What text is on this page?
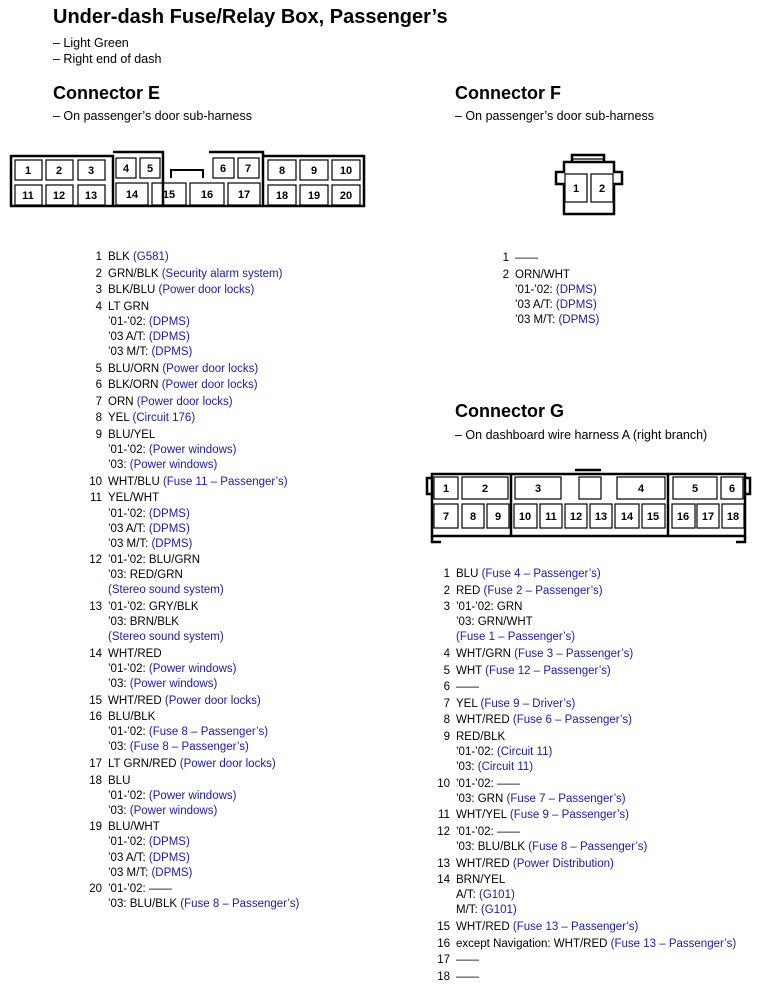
Under-dash Fuse/Relay Box, Passenger’s
– Light Green
– Right end of dash
Connector E
– On passenger’s door sub-harness
1 2 3	4 5	6 7	8 9 10
11 12 13	14 15 16 17 18 19 20
1 BLK (G581)
2 GRN/BLK (Security alarm system)
3 BLK/BLU (Power door locks)
4 LT GRN
’01-’02: (DPMS)
’03 A/T: (DPMS)
’03 M/T: (DPMS)
5 BLU/ORN (Power door locks)
6 BLK/ORN (Power door locks)
7 ORN (Power door locks)
8 YEL (Circuit 176)
9 BLU/YEL
’01-’02: (Power windows)
’03: (Power windows)
10 WHT/BLU (Fuse 11 – Passenger’s)
11 YEL/WHT
’01-’02: (DPMS)
’03 A/T: (DPMS)
’03 M/T: (DPMS)
12 ’01-’02: BLU/GRN
’03: RED/GRN
(Stereo sound system)
13 ’01-’02: GRY/BLK
’03: BRN/BLK
(Stereo sound system)
14 WHT/RED
’01-’02: (Power windows)
’03: (Power windows)
15 WHT/RED (Power door locks)
16 BLU/BLK
’01-’02: (Fuse 8 – Passenger’s)
’03: (Fuse 8 – Passenger’s)
17 LT GRN/RED (Power door locks)
18 BLU
’01-’02: (Power windows)
’03: (Power windows)
19 BLU/WHT
’01-’02: (DPMS)
’03 A/T: (DPMS)
’03 M/T: (DPMS)
20 ’01-’02: ——
’03: BLU/BLK (Fuse 8 – Passenger’s)
Connector F
– On passenger’s door sub-harness
1 2
1 ——
2 ORN/WHT
’01-’02: (DPMS)
’03 A/T: (DPMS)
’03 M/T: (DPMS)
Connector G
– On dashboard wire harness A (right branch)
1	2	3	4	5	6
7 8 9 10 11 12 13 14 15 16 17 18
1 BLU (Fuse 4 – Passenger’s)
2 RED (Fuse 2 – Passenger’s)
3 ’01-’02: GRN
’03: GRN/WHT
(Fuse 1 – Passenger’s)
4 WHT/GRN (Fuse 3 – Passenger’s)
5 WHT (Fuse 12 – Passenger’s)
6 ——
7 YEL (Fuse 9 – Driver’s)
8 WHT/RED (Fuse 6 – Passenger’s)
9 RED/BLK
’01-’02: (Circuit 11)
’03: (Circuit 11)
10 ’01-’02: ——
’03: GRN (Fuse 7 – Passenger’s)
11 WHT/YEL (Fuse 9 – Passenger’s)
12 ’01-’02: ——
’03: BLU/BLK (Fuse 8 – Passenger’s)
13 WHT/RED (Power Distribution)
14 BRN/YEL
A/T: (G101)
M/T: (G101)
15 WHT/RED (Fuse 13 – Passenger’s)
16 except Navigation: WHT/RED (Fuse 13 – Passenger’s)
17 ——
18 ——
